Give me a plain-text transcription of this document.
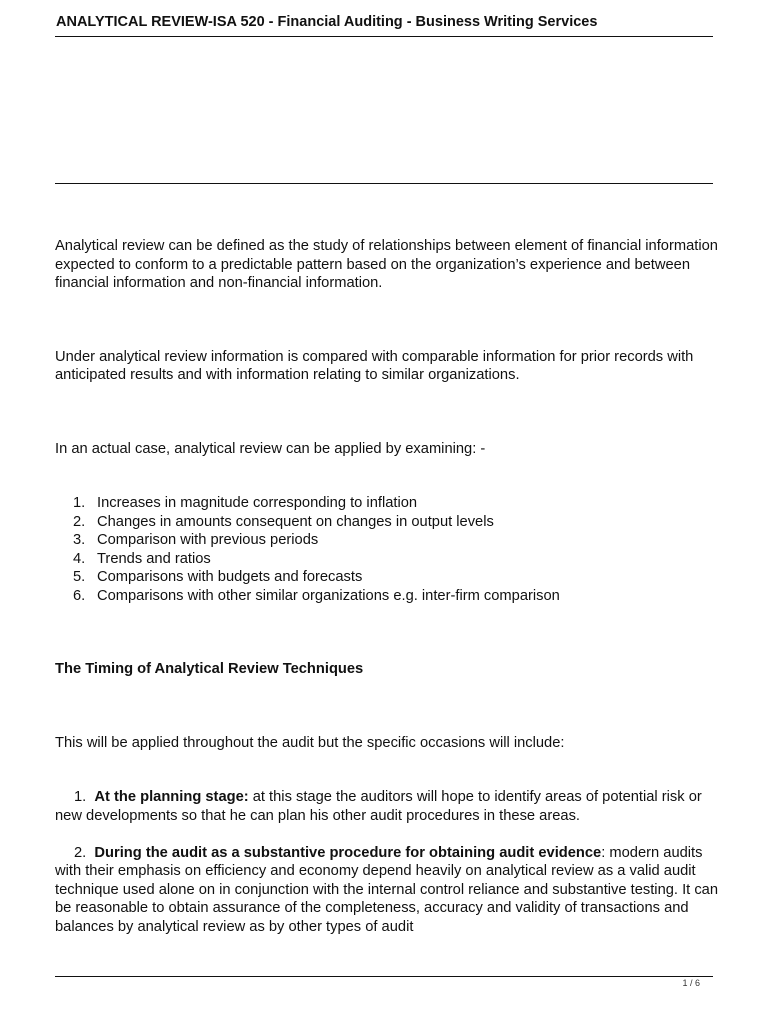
ANALYTICAL REVIEW-ISA 520 - Financial Auditing - Business Writing Services

Analytical review can be defined as the study of relationships between element of financial information expected to conform to a predictable pattern based on the organization’s experience and between financial information and non-financial information.

Under analytical review information is compared with comparable information for prior records with anticipated results and with information relating to similar organizations.

In an actual case, analytical review can be applied by examining: -

1. Increases in magnitude corresponding to inflation
2. Changes in amounts consequent on changes in output levels
3. Comparison with previous periods
4. Trends and ratios
5. Comparisons with budgets and forecasts
6. Comparisons with other similar organizations e.g. inter-firm comparison

The Timing of Analytical Review Techniques

This will be applied throughout the audit but the specific occasions will include:

1. At the planning stage: at this stage the auditors will hope to identify areas of potential risk or new developments so that he can plan his other audit procedures in these areas.

2. During the audit as a substantive procedure for obtaining audit evidence: modern audits with their emphasis on efficiency and economy depend heavily on analytical review as a valid audit technique used alone on in conjunction with the internal control reliance and substantive testing. It can be reasonable to obtain assurance of the completeness, accuracy and validity of transactions and balances by analytical review as by other types of audit

1 / 6
